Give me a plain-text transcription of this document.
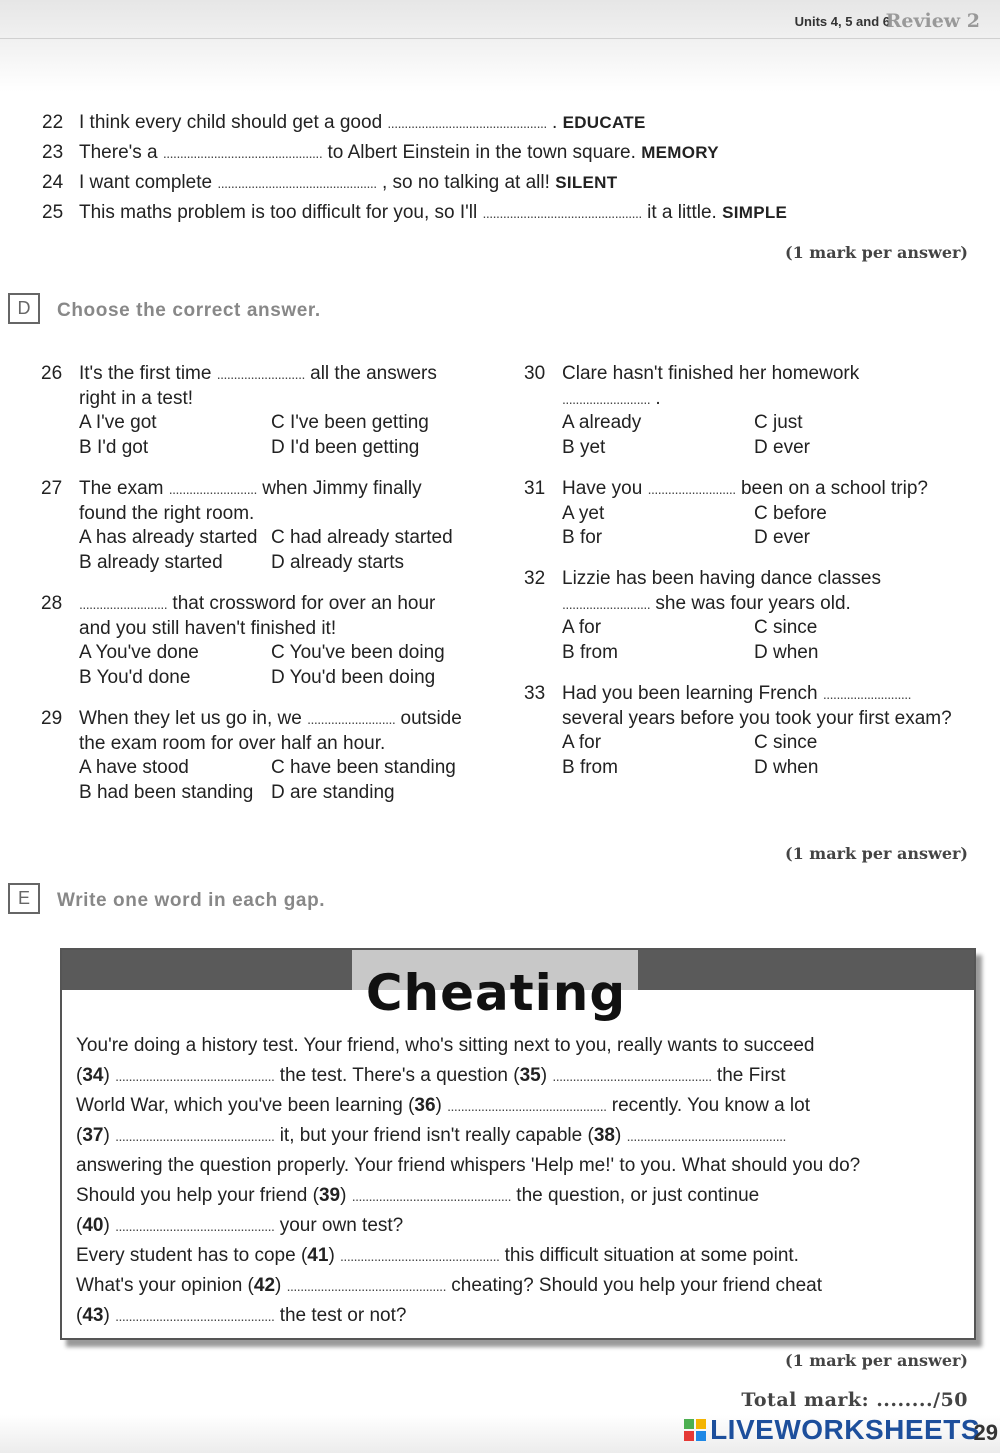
Units 4, 5 and 6
Review 2
22 I think every child should get a good ............................................... . EDUCATE
23 There's a ............................................... to Albert Einstein in the town square. MEMORY
24 I want complete ............................................... , so no talking at all! SILENT
25 This maths problem is too difficult for you, so I'll ............................................... it a little. SIMPLE
(1 mark per answer)
D	Choose the correct answer.
26 It's the first time .......................... all the answers
right in a test!
A I've got	C I've been getting
B I'd got	D I'd been getting
27 The exam .......................... when Jimmy finally
found the right room.
A has already started C had already started
B already started	D already starts
28 .......................... that crossword for over an hour
and you still haven't finished it!
A You've done	C You've been doing
B You'd done	D You'd been doing
29 When they let us go in, we .......................... outside
the exam room for over half an hour.
A have stood	C have been standing
B had been standing D are standing
30 Clare hasn't finished her homework
.......................... .
A already	C just
B yet	D ever
31 Have you .......................... been on a school trip?
A yet	C before
B for	D ever
32 Lizzie has been having dance classes
.......................... she was four years old.
A for	C since
B from	D when
33 Had you been learning French ..........................
several years before you took your first exam?
A for	C since
B from	D when
(1 mark per answer)
E	Write one word in each gap.
Cheating
You're doing a history test. Your friend, who's sitting next to you, really wants to succeed
(34) ............................................... the test. There's a question (35) ............................................... the First
World War, which you've been learning (36) ............................................... recently. You know a lot
(37) ............................................... it, but your friend isn't really capable (38) ...............................................
answering the question properly. Your friend whispers 'Help me!' to you. What should you do?
Should you help your friend (39) ............................................... the question, or just continue
(40) ............................................... your own test?
Every student has to cope (41) ............................................... this difficult situation at some point.
What's your opinion (42) ............................................... cheating? Should you help your friend cheat
(43) ............................................... the test or not?
(1 mark per answer)
Total mark: ......../50
LIVEWORKSHEETS
29
